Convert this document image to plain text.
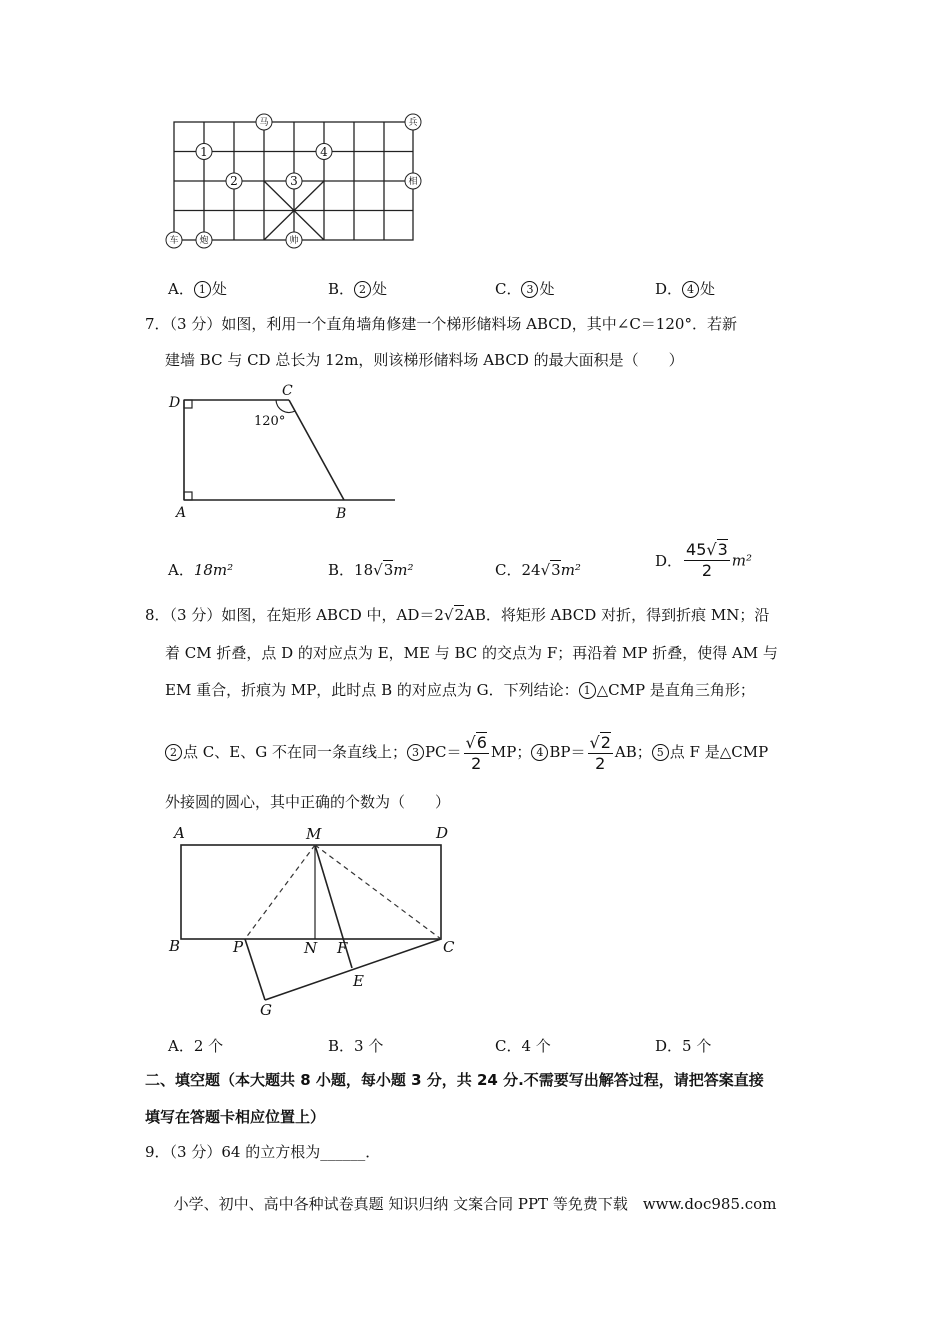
马	兵
相
车 炮	帅
1	4
2	3
A． 1 处	B． 2 处	C． 3 处	D． 4 处
7．（3 分）如图，利用一个直角墙角修建一个梯形储料场 ABCD，其中∠C＝120°．若新
建墙 BC 与 CD 总长为 12m，则该梯形储料场 ABCD 的最大面积是（　　）
D
C
A	B
120°
A．18m²	B．18√3m²	C．24√3m²	D． $\frac{45√3}{2} m^2$
8．（3 分）如图，在矩形 ABCD 中，AD＝2√2AB．将矩形 ABCD 对折，得到折痕 MN；沿
着 CM 折叠，点 D 的对应点为 E，ME 与 BC 的交点为 F；再沿着 MP 折叠，使得 AM 与
EM 重合，折痕为 MP，此时点 B 的对应点为 G．下列结论： 1 △CMP 是直角三角形；
2 点 C、E、G 不在同一条直线上； 3 $PC= \frac{√6}{2}$ MP； 4 $BP= \frac{√2}{2}$ AB； 5 点 F 是△CMP
外接圆的圆心，其中正确的个数为（　　）
A	M	D
B	P	N F	C
E
G
A．2 个	B．3 个	C．4 个	D．5 个
二、填空题（本大题共 8 小题，每小题 3 分，共 24 分.不需要写出解答过程，请把答案直接
填写在答题卡相应位置上）
9．（3 分）64 的立方根为______．
小学、初中、高中各种试卷真题 知识归纳 文案合同 PPT 等免费下载　www.doc985.com
